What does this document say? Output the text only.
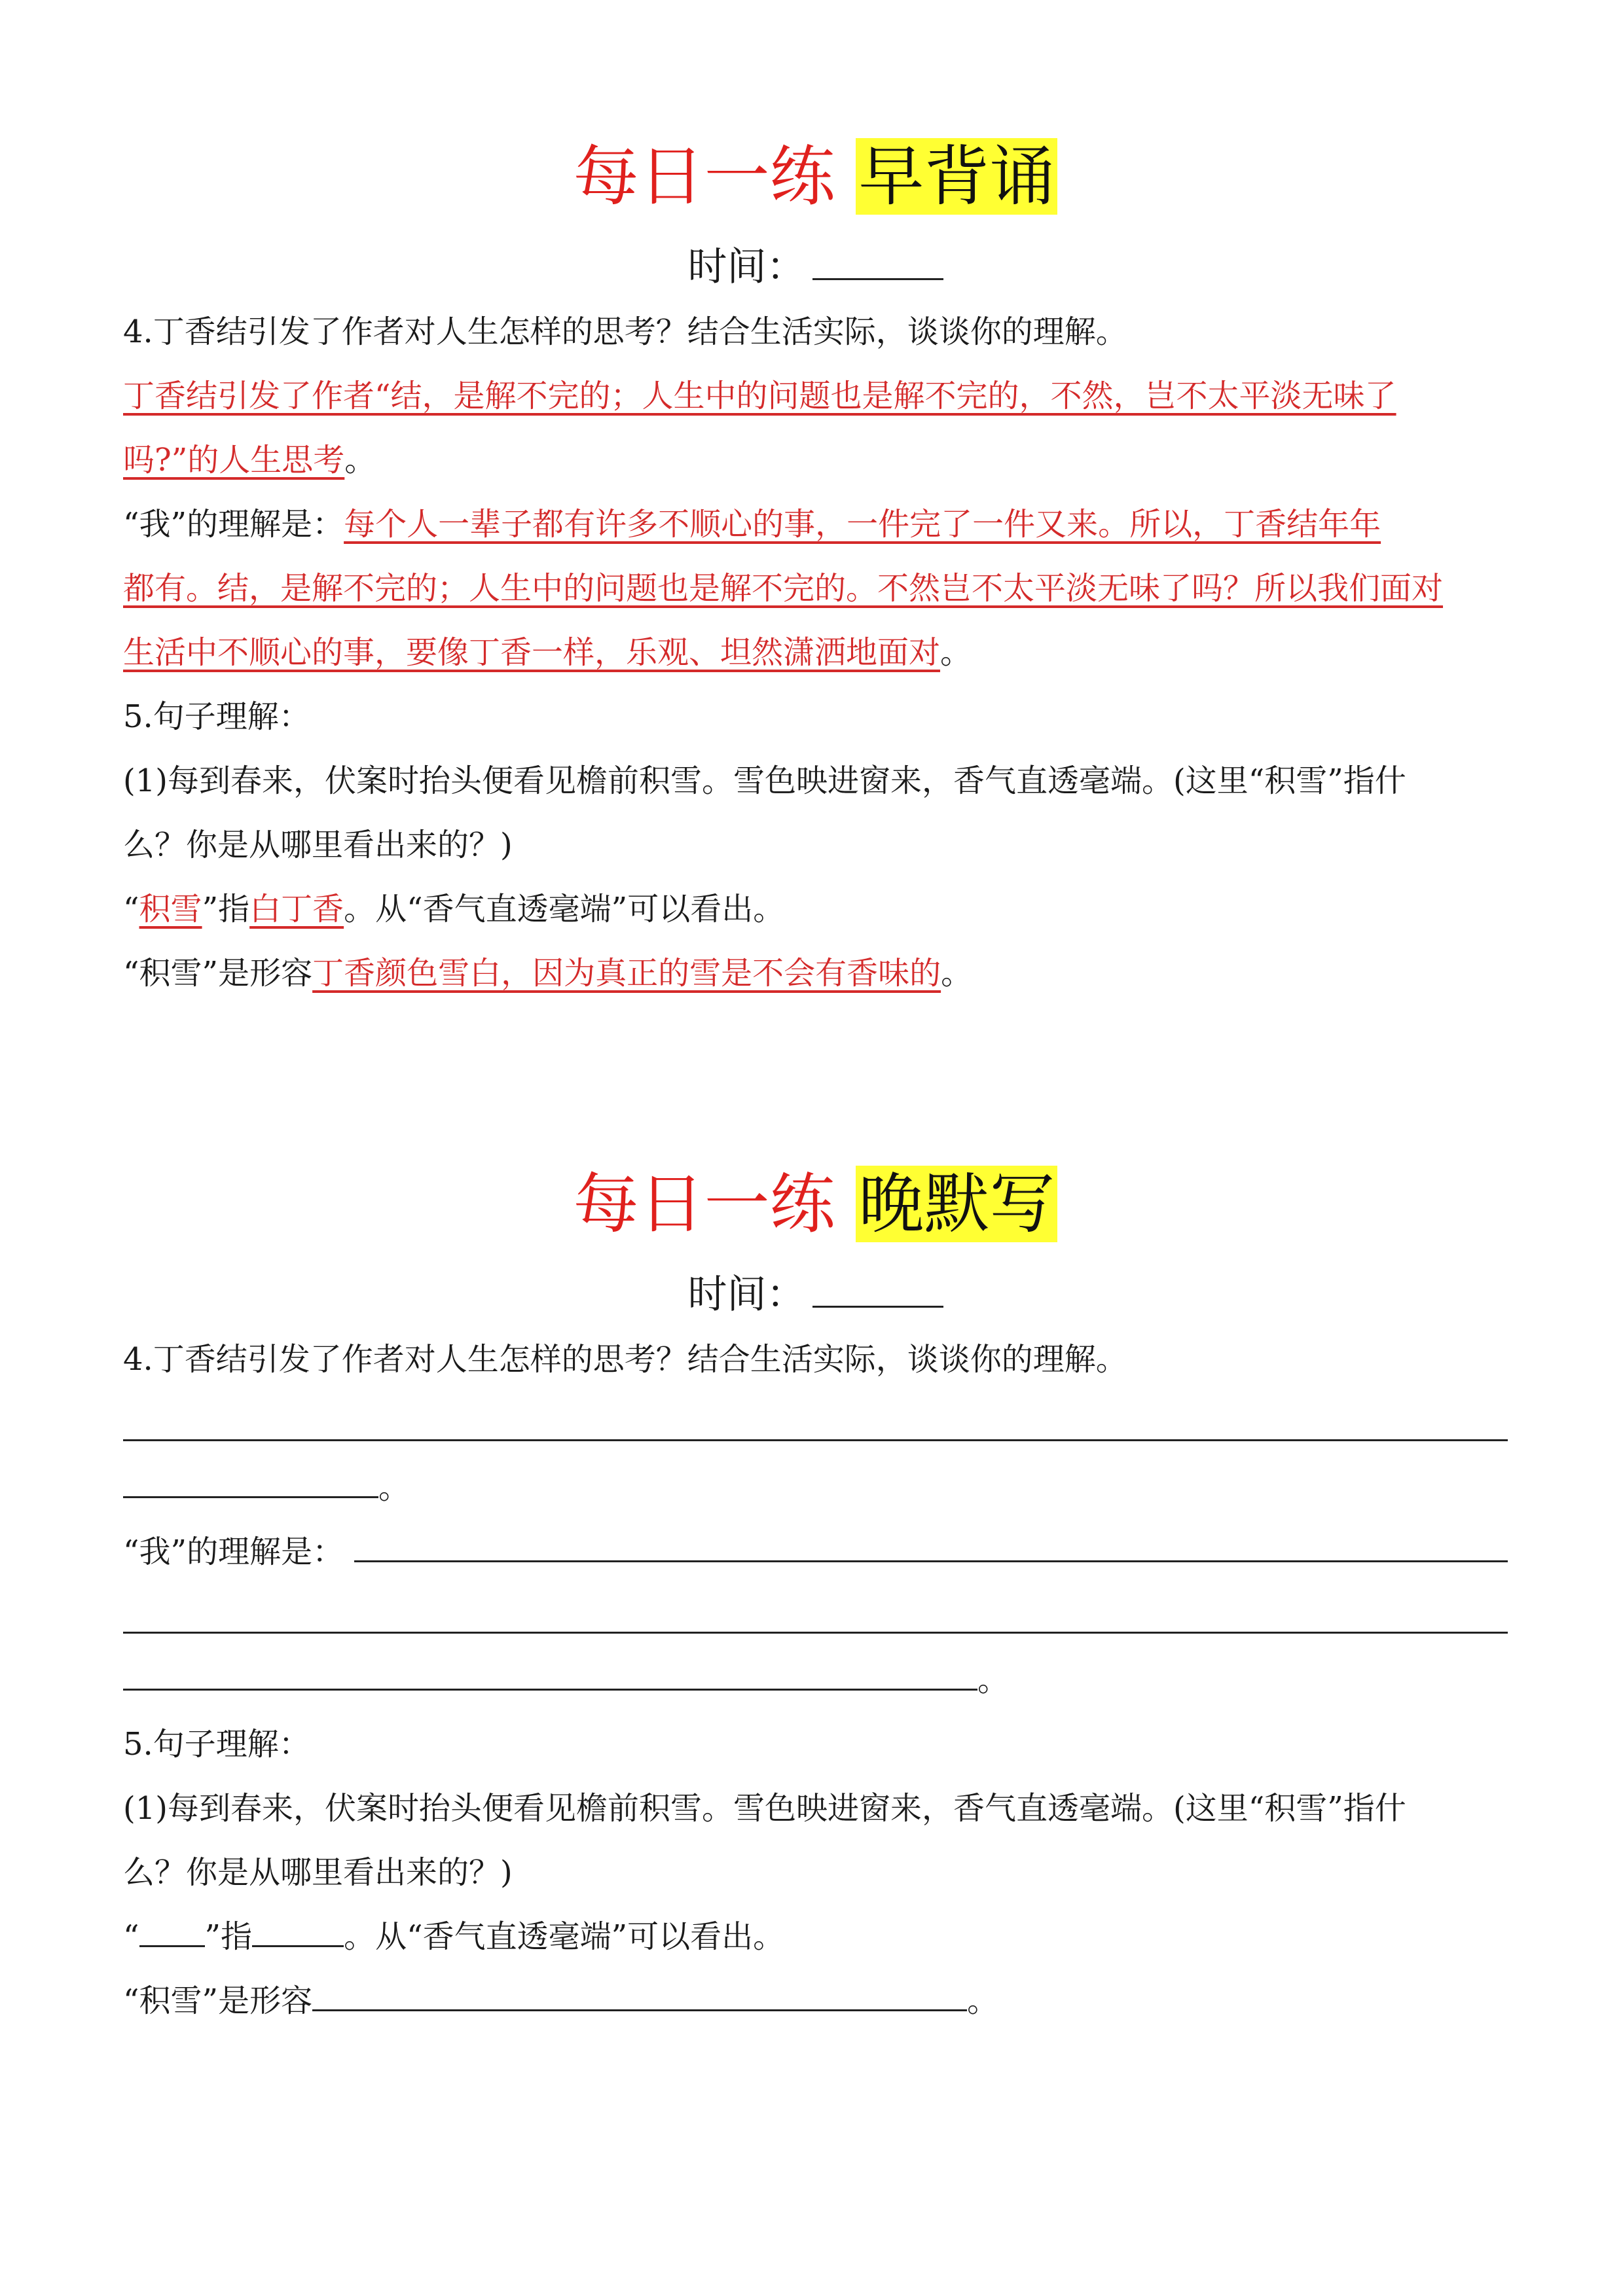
每日一练 早背诵
时间：
4.丁香结引发了作者对人生怎样的思考？结合生活实际，谈谈你的理解。
丁香结引发了作者“结，是解不完的；人生中的问题也是解不完的，不然，岂不太平淡无味了
吗?”的人生思考。
“我”的理解是：每个人一辈子都有许多不顺心的事，一件完了一件又来。所以，丁香结年年
都有。结，是解不完的；人生中的问题也是解不完的。不然岂不太平淡无味了吗？所以我们面对
生活中不顺心的事，要像丁香一样，乐观、坦然潇洒地面对。
5.句子理解：
(1)每到春来，伏案时抬头便看见檐前积雪。雪色映进窗来，香气直透毫端。(这里“积雪”指什
么？你是从哪里看出来的？)
“积雪”指白丁香。从“香气直透毫端”可以看出。
“积雪”是形容丁香颜色雪白，因为真正的雪是不会有香味的。
每日一练 晚默写
时间：
4.丁香结引发了作者对人生怎样的思考？结合生活实际，谈谈你的理解。
。
“我”的理解是：
。
5.句子理解：
(1)每到春来，伏案时抬头便看见檐前积雪。雪色映进窗来，香气直透毫端。(这里“积雪”指什
么？你是从哪里看出来的？)
“ ”指	。从“香气直透毫端”可以看出。
“积雪”是形容	。
